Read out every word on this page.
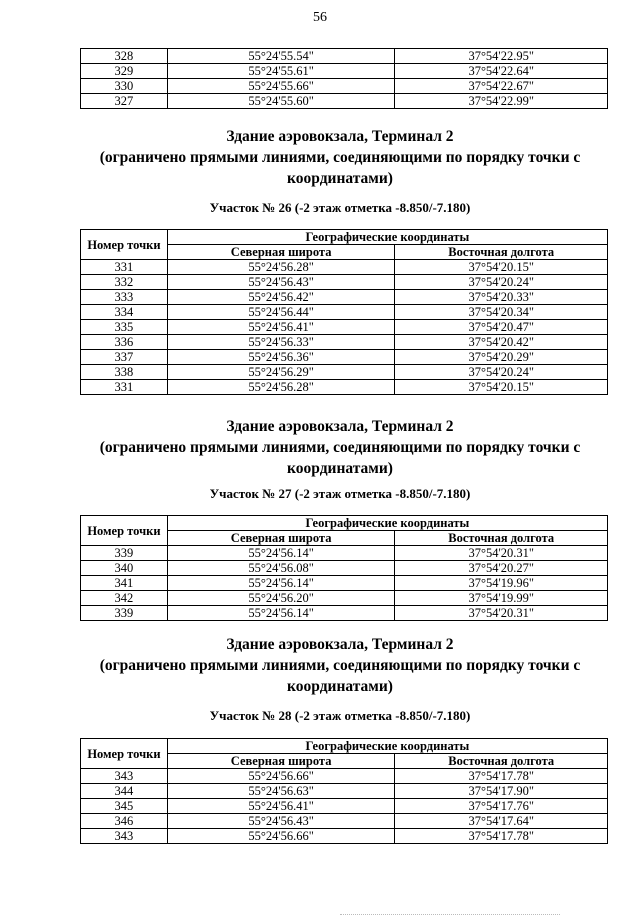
56
328	55°24'55.54"	37°54'22.95"
329	55°24'55.61"	37°54'22.64"
330	55°24'55.66"	37°54'22.67"
327	55°24'55.60"	37°54'22.99"
Здание аэровокзала, Терминал 2
(ограничено прямыми линиями, соединяющими по порядку точки с
координатами)
Участок № 26 (-2 этаж отметка -8.850/-7.180)
Номер точки	Географические координаты	
	Северная широта	Восточная долгота
331	55°24'56.28"	37°54'20.15"
332	55°24'56.43"	37°54'20.24"
333	55°24'56.42"	37°54'20.33"
334	55°24'56.44"	37°54'20.34"
335	55°24'56.41"	37°54'20.47"
336	55°24'56.33"	37°54'20.42"
337	55°24'56.36"	37°54'20.29"
338	55°24'56.29"	37°54'20.24"
331	55°24'56.28"	37°54'20.15"
Здание аэровокзала, Терминал 2
(ограничено прямыми линиями, соединяющими по порядку точки с
координатами)
Участок № 27 (-2 этаж отметка -8.850/-7.180)
Номер точки	Географические координаты	
	Северная широта	Восточная долгота
339	55°24'56.14"	37°54'20.31"
340	55°24'56.08"	37°54'20.27"
341	55°24'56.14"	37°54'19.96"
342	55°24'56.20"	37°54'19.99"
339	55°24'56.14"	37°54'20.31"
Здание аэровокзала, Терминал 2
(ограничено прямыми линиями, соединяющими по порядку точки с
координатами)
Участок № 28 (-2 этаж отметка -8.850/-7.180)
Номер точки	Географические координаты	
	Северная широта	Восточная долгота
343	55°24'56.66"	37°54'17.78"
344	55°24'56.63"	37°54'17.90"
345	55°24'56.41"	37°54'17.76"
346	55°24'56.43"	37°54'17.64"
343	55°24'56.66"	37°54'17.78"
